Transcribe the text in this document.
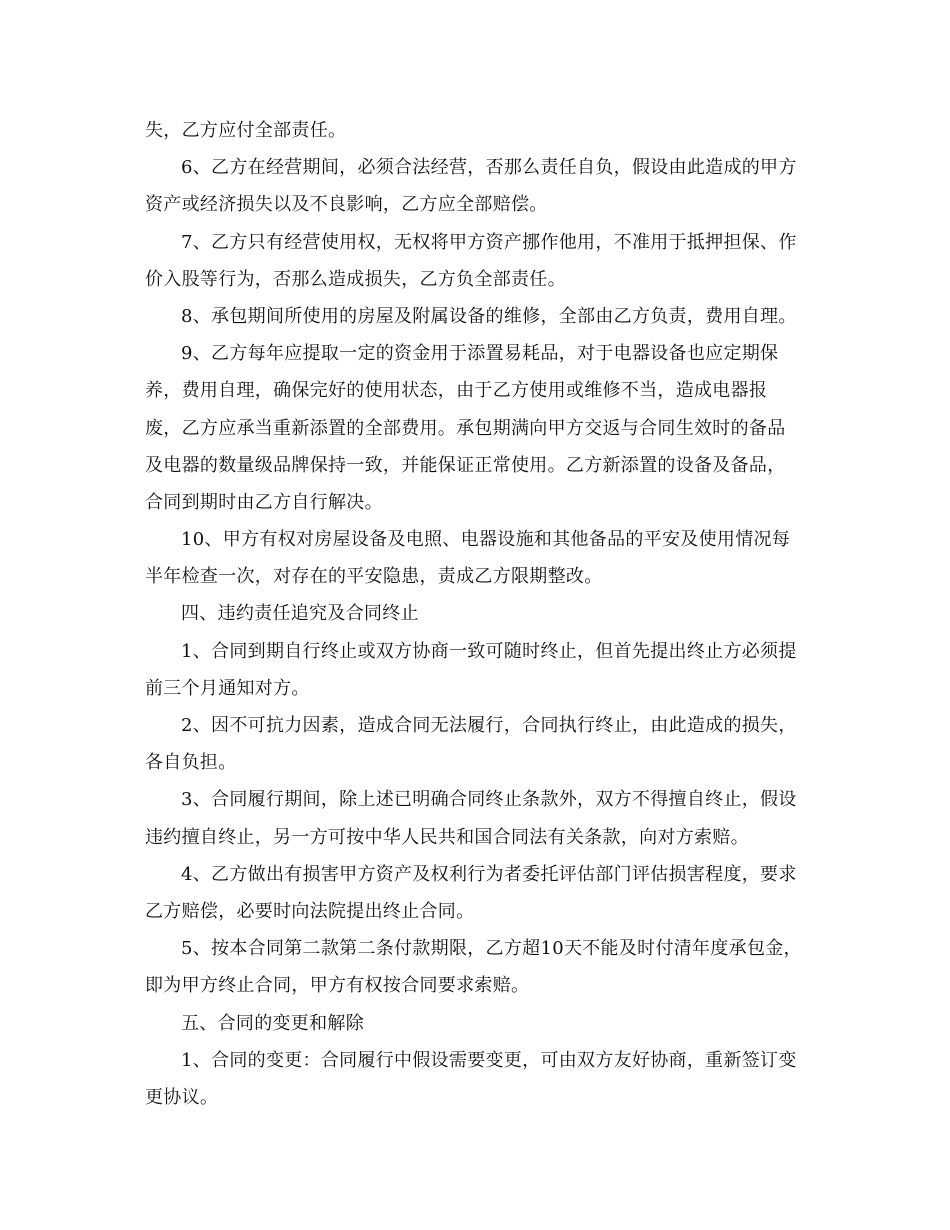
失，乙方应付全部责任。
6、乙方在经营期间，必须合法经营，否那么责任自负，假设由此造成的甲方
资产或经济损失以及不良影响，乙方应全部赔偿。
7、乙方只有经营使用权，无权将甲方资产挪作他用，不准用于抵押担保、作
价入股等行为，否那么造成损失，乙方负全部责任。
8、承包期间所使用的房屋及附属设备的维修，全部由乙方负责，费用自理。
9、乙方每年应提取一定的资金用于添置易耗品，对于电器设备也应定期保
养，费用自理，确保完好的使用状态，由于乙方使用或维修不当，造成电器报
废，乙方应承当重新添置的全部费用。承包期满向甲方交返与合同生效时的备品
及电器的数量级品牌保持一致，并能保证正常使用。乙方新添置的设备及备品，
合同到期时由乙方自行解决。
10、甲方有权对房屋设备及电照、电器设施和其他备品的平安及使用情况每
半年检查一次，对存在的平安隐患，责成乙方限期整改。
四、违约责任追究及合同终止
1、合同到期自行终止或双方协商一致可随时终止，但首先提出终止方必须提
前三个月通知对方。
2、因不可抗力因素，造成合同无法履行，合同执行终止，由此造成的损失，
各自负担。
3、合同履行期间，除上述已明确合同终止条款外，双方不得擅自终止，假设
违约擅自终止，另一方可按中华人民共和国合同法有关条款，向对方索赔。
4、乙方做出有损害甲方资产及权利行为者委托评估部门评估损害程度，要求
乙方赔偿，必要时向法院提出终止合同。
5、按本合同第二款第二条付款期限，乙方超10天不能及时付清年度承包金，
即为甲方终止合同，甲方有权按合同要求索赔。
五、合同的变更和解除
1、合同的变更：合同履行中假设需要变更，可由双方友好协商，重新签订变
更协议。
